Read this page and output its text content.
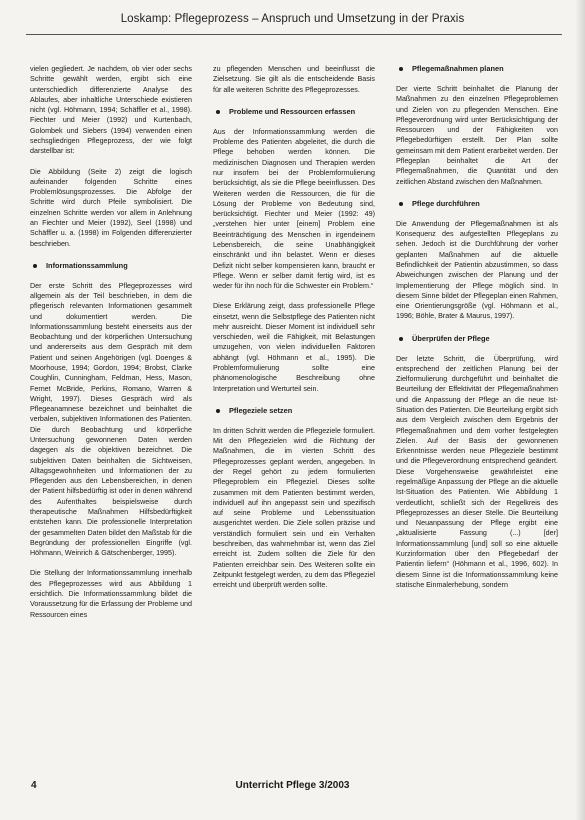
Loskamp: Pflegeprozess – Anspruch und Umsetzung in der Praxis

vielen gegliedert. Je nachdem, ob vier oder sechs Schritte gewählt werden, ergibt sich eine unterschiedlich differenzierte Analyse des Ablaufes, aber inhaltliche Unterschiede existieren nicht (vgl. Höhmann, 1994; Schäffler et al., 1998). Fiechter und Meier (1992) und Kurtenbach, Golombek und Siebers (1994) verwenden einen sechsgliedrigen Pflegeprozess, der wie folgt darstellbar ist:

Die Abbildung (Seite 2) zeigt die logisch aufeinander folgenden Schritte eines Problemlösungsprozesses. Die Abfolge der Schritte wird durch Pfeile symbolisiert. Die einzelnen Schritte werden vor allem in Anlehnung an Fiechter und Meier (1992), Seel (1998) und Schäffler u. a. (1998) im Folgenden differenzierter beschrieben.

Informationssammlung

Der erste Schritt des Pflegeprozesses wird allgemein als der Teil beschrieben, in dem die pflegerisch relevanten Informationen gesammelt und dokumentiert werden. Die Informationssammlung besteht einerseits aus der Beobachtung und der körperlichen Untersuchung und andererseits aus dem Gespräch mit dem Patient und seinen Angehörigen (vgl. Doenges & Moorhouse, 1994; Gordon, 1994; Brobst, Clarke Coughlin, Cunningham, Feldman, Hess, Mason, Fernet McBride, Perkins, Romano, Warren & Wright, 1997). Dieses Gespräch wird als Pflegeanamnese bezeichnet und beinhaltet die verbalen, subjektiven Informationen des Patienten. Die durch Beobachtung und körperliche Untersuchung gewonnenen Daten werden dagegen als die objektiven bezeichnet. Die subjektiven Daten beinhalten die Sichtweisen, Alltagsgewohnheiten und Informationen der zu Pflegenden aus den Lebensbereichen, in denen der Patient hilfsbedürftig ist oder in denen während des Aufenthaltes beispielsweise durch therapeutische Maßnahmen Hilfsbedürftigkeit entstehen kann. Die professionelle Interpretation der gesammelten Daten bildet den Maßstab für die Begründung der professionellen Eingriffe (vgl. Höhmann, Weinrich & Gätschenberger, 1995).

Die Stellung der Informationssammlung innerhalb des Pflegeprozesses wird aus Abbildung 1 ersichtlich. Die Informationssammlung bildet die Voraussetzung für die Erfassung der Probleme und Ressourcen eines

zu pflegenden Menschen und beeinflusst die Zielsetzung. Sie gilt als die entscheidende Basis für alle weiteren Schritte des Pflegeprozesses.

Probleme und Ressourcen erfassen

Aus der Informationssammlung werden die Probleme des Patienten abgeleitet, die durch die Pflege behoben werden können. Die medizinischen Diagnosen und Therapien werden nur insofern bei der Problemformulierung berücksichtigt, als sie die Pflege beeinflussen. Des Weiteren werden die Ressourcen, die für die Lösung der Probleme von Bedeutung sind, berücksichtigt. Fiechter und Meier (1992: 49) „verstehen hier unter [einem] Problem eine Beeinträchtigung des Menschen in irgendeinem Lebensbereich, die seine Unabhängigkeit einschränkt und ihn belastet. Wenn er dieses Defizit nicht selber kompensieren kann, braucht er Pflege. Wenn er selber damit fertig wird, ist es weder für ihn noch für die Schwester ein Problem.“

Diese Erklärung zeigt, dass professionelle Pflege einsetzt, wenn die Selbstpflege des Patienten nicht mehr ausreicht. Dieser Moment ist individuell sehr verschieden, weil die Fähigkeit, mit Belastungen umzugehen, von vielen individuellen Faktoren abhängt (vgl. Höhmann et al., 1995). Die Problemformulierung sollte eine phänomenologische Beschreibung ohne Interpretation und Werturteil sein.

Pflegeziele setzen

Im dritten Schritt werden die Pflegeziele formuliert. Mit den Pflegezielen wird die Richtung der Maßnahmen, die im vierten Schritt des Pflegeprozesses geplant werden, angegeben. In der Regel gehört zu jedem formulierten Pflegeproblem ein Pflegeziel. Dieses sollte zusammen mit dem Patienten bestimmt werden, individuell auf ihn angepasst sein und spezifisch auf seine Probleme und Lebenssituation ausgerichtet werden. Die Ziele sollen präzise und verständlich formuliert sein und ein Verhalten beschreiben, das wahrnehmbar ist, wenn das Ziel erreicht ist. Zudem sollten die Ziele für den Patienten erreichbar sein. Des Weiteren sollte ein Zeitpunkt festgelegt werden, zu dem das Pflegeziel erreicht und überprüft werden sollte.

Pflegemaßnahmen planen

Der vierte Schritt beinhaltet die Planung der Maßnahmen zu den einzelnen Pflegeproblemen und Zielen von zu pflegenden Menschen. Eine Pflegeverordnung wird unter Berücksichtigung der Ressourcen und der Fähigkeiten von Pflegebedürftigen erstellt. Der Plan sollte gemeinsam mit dem Patient erarbeitet werden. Der Pflegeplan beinhaltet die Art der Pflegemaßnahmen, die Quantität und den zeitlichen Abstand zwischen den Maßnahmen.

Pflege durchführen

Die Anwendung der Pflegemaßnahmen ist als Konsequenz des aufgestellten Pflegeplans zu sehen. Jedoch ist die Durchführung der vorher geplanten Maßnahmen auf die aktuelle Befindlichkeit der Patientin abzustimmen, so dass Abweichungen zwischen der Planung und der Implementierung der Pflege möglich sind. In diesem Sinne bildet der Pflegeplan einen Rahmen, eine Orientierungsgröße (vgl. Höhmann et al., 1996; Böhle, Brater & Maurus, 1997).

Überprüfen der Pflege

Der letzte Schritt, die Überprüfung, wird entsprechend der zeitlichen Planung bei der Zielformulierung durchgeführt und beinhaltet die Beurteilung der Effektivität der Pflegemaßnahmen und die Anpassung der Pflege an die neue Ist-Situation des Patienten. Die Beurteilung ergibt sich aus dem Vergleich zwischen dem Ergebnis der Pflegemaßnahmen und dem vorher festgelegten Zielen. Auf der Basis der gewonnenen Erkenntnisse werden neue Pflegeziele bestimmt und die Pflegeverordnung entsprechend geändert. Diese Vorgehensweise gewährleistet eine regelmäßige Anpassung der Pflege an die aktuelle Ist-Situation des Patienten. Wie Abbildung 1 verdeutlicht, schließt sich der Regelkreis des Pflegeprozesses an dieser Stelle. Die Beurteilung und Neuanpassung der Pflege ergibt eine „aktualisierte Fassung (...) [der] Informationssammlung [und] soll so eine aktuelle Kurzinformation über den Pflegebedarf der Patientin liefern“ (Höhmann et al., 1996, 602). In diesem Sinne ist die Informationssammlung keine statische Einmalerhebung, sondern

4	Unterricht Pflege 3/2003
